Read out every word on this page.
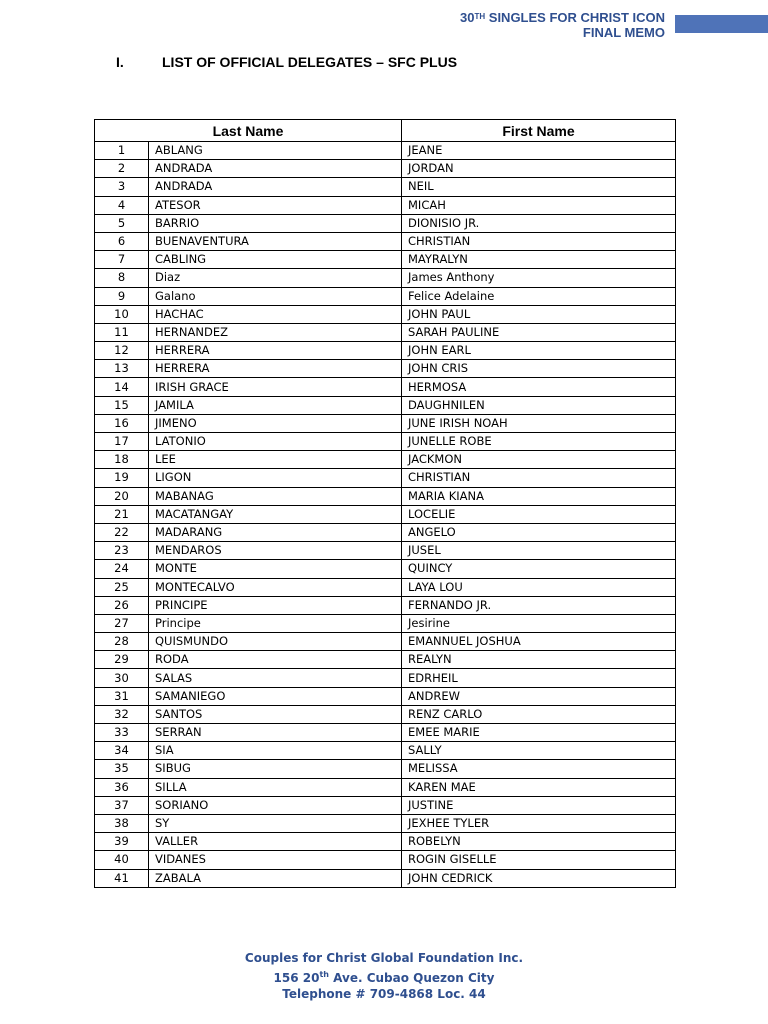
30TH SINGLES FOR CHRIST ICON
FINAL MEMO
I.	LIST OF OFFICIAL DELEGATES – SFC PLUS
Last Name		First Name
1	ABLANG	JEANE
2	ANDRADA	JORDAN
3	ANDRADA	NEIL
4	ATESOR	MICAH
5	BARRIO	DIONISIO JR.
6	BUENAVENTURA	CHRISTIAN
7	CABLING	MAYRALYN
8	Diaz	James Anthony
9	Galano	Felice Adelaine
10	HACHAC	JOHN PAUL
11	HERNANDEZ	SARAH PAULINE
12	HERRERA	JOHN EARL
13	HERRERA	JOHN CRIS
14	IRISH GRACE	HERMOSA
15	JAMILA	DAUGHNILEN
16	JIMENO	JUNE IRISH NOAH
17	LATONIO	JUNELLE ROBE
18	LEE	JACKMON
19	LIGON	CHRISTIAN
20	MABANAG	MARIA KIANA
21	MACATANGAY	LOCELIE
22	MADARANG	ANGELO
23	MENDAROS	JUSEL
24	MONTE	QUINCY
25	MONTECALVO	LAYA LOU
26	PRINCIPE	FERNANDO JR.
27	Principe	Jesirine
28	QUISMUNDO	EMANNUEL JOSHUA
29	RODA	REALYN
30	SALAS	EDRHEIL
31	SAMANIEGO	ANDREW
32	SANTOS	RENZ CARLO
33	SERRAN	EMEE MARIE
34	SIA	SALLY
35	SIBUG	MELISSA
36	SILLA	KAREN MAE
37	SORIANO	JUSTINE
38	SY	JEXHEE TYLER
39	VALLER	ROBELYN
40	VIDANES	ROGIN GISELLE
41	ZABALA	JOHN CEDRICK
Couples for Christ Global Foundation Inc.
156 20th Ave. Cubao Quezon City
Telephone # 709-4868 Loc. 44
